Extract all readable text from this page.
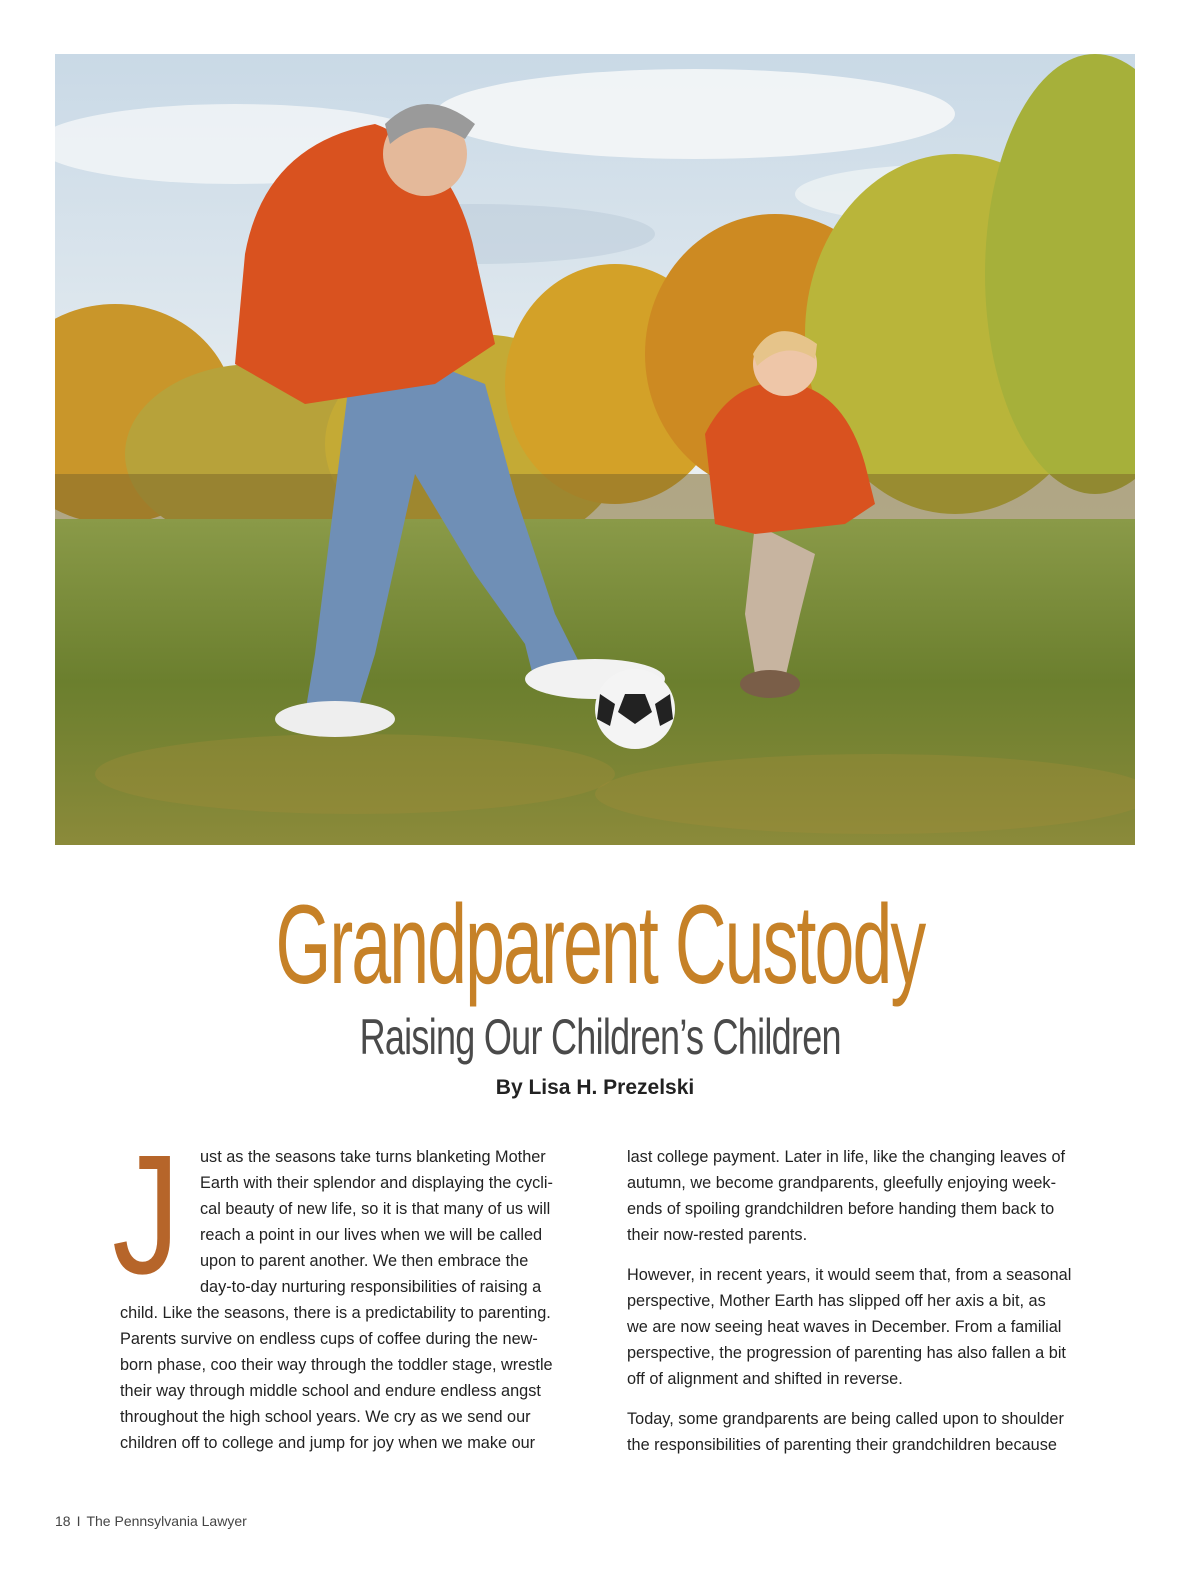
Grandparent Custody
Raising Our Children’s Children
By Lisa H. Prezelski
J	ust as the seasons take turns blanketing Mother
Earth with their splendor and displaying the cycli-
cal beauty of new life, so it is that many of us will
reach a point in our lives when we will be called
upon to parent another. We then embrace the
day-to-day nurturing responsibilities of raising a
child. Like the seasons, there is a predictability to parenting.
Parents survive on endless cups of coffee during the new-
born phase, coo their way through the toddler stage, wrestle
their way through middle school and endure endless angst
throughout the high school years. We cry as we send our
children off to college and jump for joy when we make our

last college payment. Later in life, like the changing leaves of
autumn, we become grandparents, gleefully enjoying week-
ends of spoiling grandchildren before handing them back to
their now-rested parents.

However, in recent years, it would seem that, from a seasonal
perspective, Mother Earth has slipped off her axis a bit, as
we are now seeing heat waves in December. From a familial
perspective, the progression of parenting has also fallen a bit
off of alignment and shifted in reverse.

Today, some grandparents are being called upon to shoulder
the responsibilities of parenting their grandchildren because

18 I The Pennsylvania Lawyer
